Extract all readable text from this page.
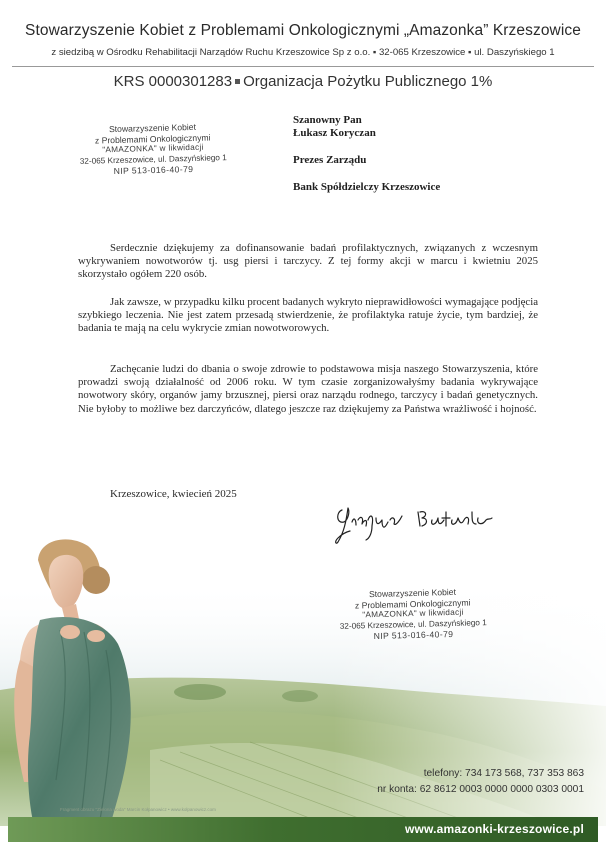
Stowarzyszenie Kobiet z Problemami Onkologicznymi „Amazonka” Krzeszowice
z siedzibą w Ośrodku Rehabilitacji Narządów Ruchu Krzeszowice Sp z o.o. ▪ 32-065 Krzeszowice ▪ ul. Daszyńskiego 1
KRS 0000301283 Organizacja Pożytku Publicznego 1%
Stowarzyszenie Kobiet
z Problemami Onkologicznymi
"AMAZONKA" w likwidacji
32-065 Krzeszowice, ul. Daszyńskiego 1
NIP 513-016-40-79
Szanowny Pan
Łukasz Koryczan
Prezes Zarządu
Bank Spółdzielczy Krzeszowice

Serdecznie dziękujemy za dofinansowanie badań profilaktycznych, związanych z wczesnym wykrywaniem nowotworów tj. usg piersi i tarczycy. Z tej formy akcji w marcu i kwietniu 2025 skorzystało ogółem 220 osób.

Jak zawsze, w przypadku kilku procent badanych wykryto nieprawidłowości wymagające podjęcia szybkiego leczenia. Nie jest zatem przesadą stwierdzenie, że profilaktyka ratuje życie, tym bardziej, że badania te mają na celu wykrycie zmian nowotworowych.

Zachęcanie ludzi do dbania o swoje zdrowie to podstawowa misja naszego Stowarzyszenia, które prowadzi swoją działalność od 2006 roku. W tym czasie zorganizowałyśmy badania wykrywające nowotwory skóry, organów jamy brzusznej, piersi oraz narządu rodnego, tarczycy i badań genetycznych. Nie byłoby to możliwe bez darczyńców, dlatego jeszcze raz dziękujemy za Państwa wrażliwość i hojność.

Krzeszowice, kwiecień 2025
Stowarzyszenie Kobiet
z Problemami Onkologicznymi
"AMAZONKA" w likwidacji
32-065 Krzeszowice, ul. Daszyńskiego 1
NIP 513-016-40-79
telefony: 734 173 568, 737 353 863
nr konta: 62 8612 0003 0000 0000 0303 0001
Fragment obrazu "Zielona woda" Marcin Kołpanowicz • www.kolpanowicz.com
www.amazonki-krzeszowice.pl
